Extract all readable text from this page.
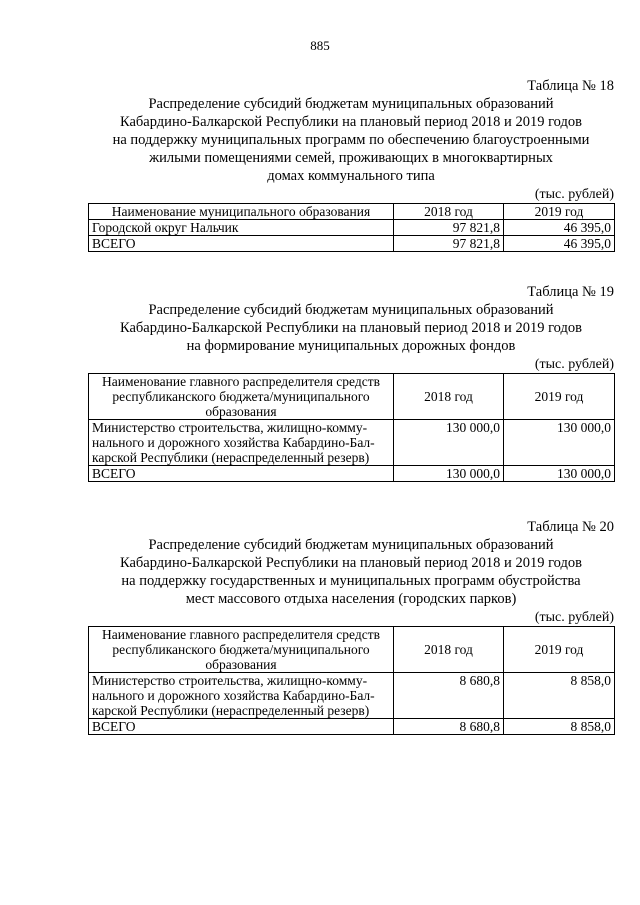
885
Таблица № 18
Распределение субсидий бюджетам муниципальных образований
Кабардино-Балкарской Республики на плановый период 2018 и 2019 годов
на поддержку муниципальных программ по обеспечению благоустроенными
жилыми помещениями семей, проживающих в многоквартирных
домах коммунального типа
(тыс. рублей)
Наименование муниципального образования	2018 год	2019 год
Городской округ Нальчик	97 821,8	46 395,0
ВСЕГО	97 821,8	46 395,0
Таблица № 19
Распределение субсидий бюджетам муниципальных образований
Кабардино-Балкарской Республики на плановый период 2018 и 2019 годов
на формирование муниципальных дорожных фондов
(тыс. рублей)
Наименование главного распределителя средств
республиканского бюджета/муниципального
образования	2018 год	2019 год

Министерство строительства, жилищно-комму-
нального и дорожного хозяйства Кабардино-Бал-
карской Республики (нераспределенный резерв)	130 000,0	130 000,0
ВСЕГО	130 000,0	130 000,0
Таблица № 20
Распределение субсидий бюджетам муниципальных образований
Кабардино-Балкарской Республики на плановый период 2018 и 2019 годов
на поддержку государственных и муниципальных программ обустройства
мест массового отдыха населения (городских парков)
(тыс. рублей)
Наименование главного распределителя средств
республиканского бюджета/муниципального
образования	2018 год	2019 год

Министерство строительства, жилищно-комму-
нального и дорожного хозяйства Кабардино-Бал-
карской Республики (нераспределенный резерв)	8 680,8	8 858,0
ВСЕГО	8 680,8	8 858,0
